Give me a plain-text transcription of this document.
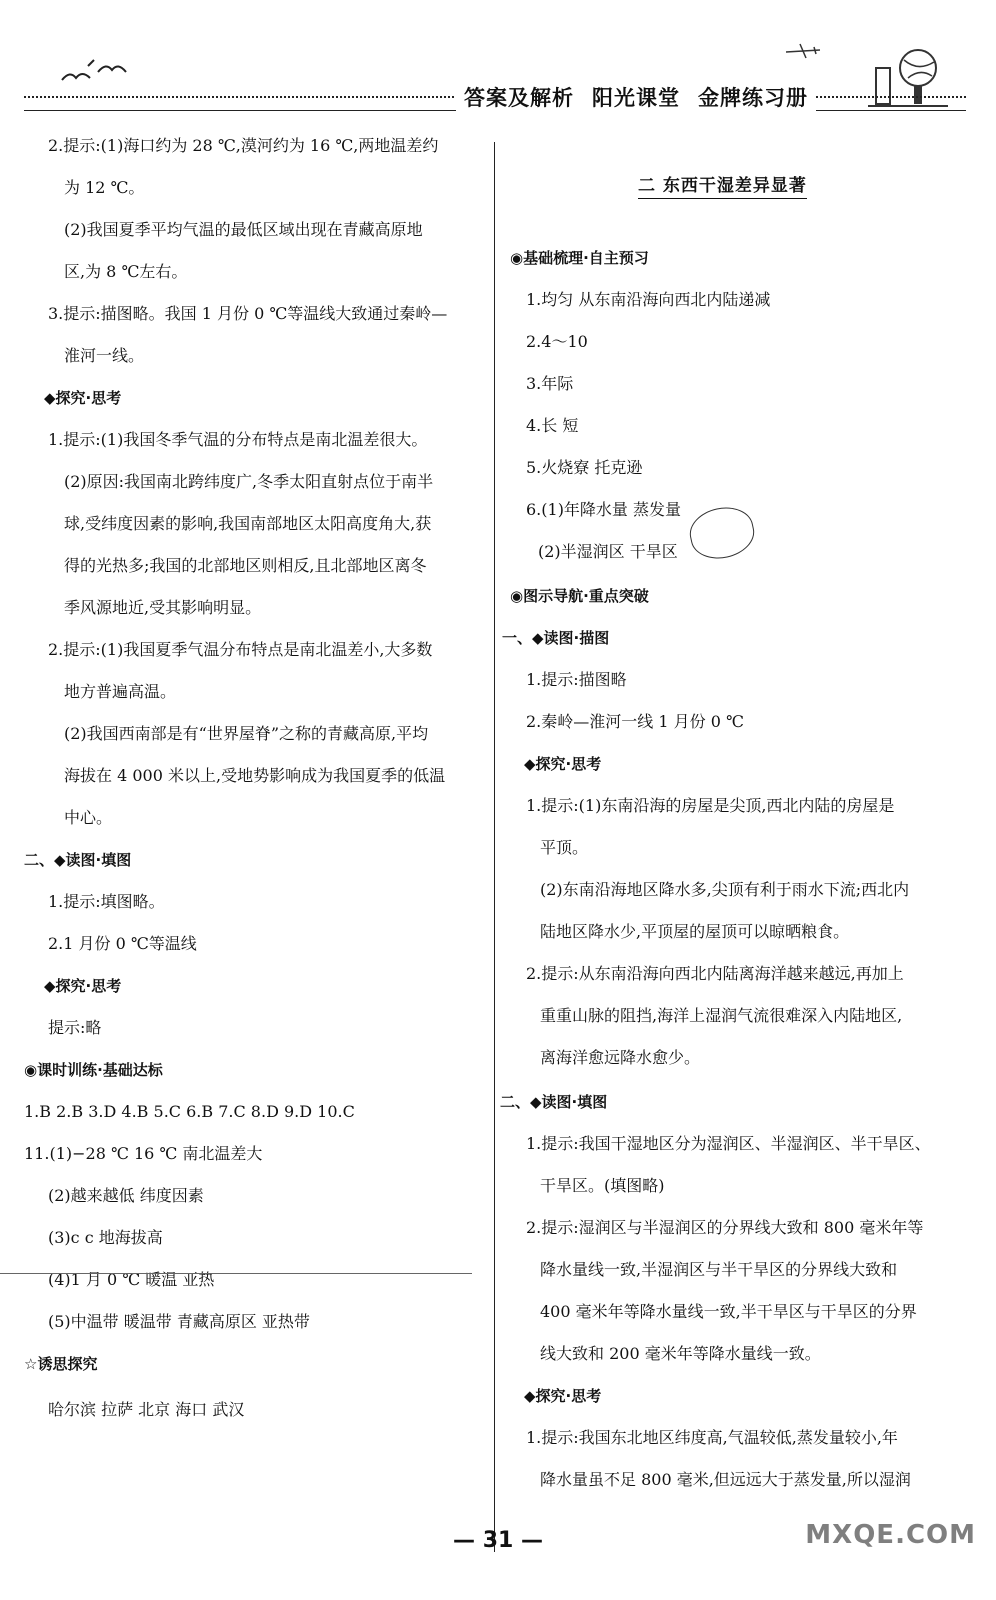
答案及解析 阳光课堂 金牌练习册
2.提示:(1)海口约为 28 ℃,漠河约为 16 ℃,两地温差约
为 12 ℃。
(2)我国夏季平均气温的最低区域出现在青藏高原地
区,为 8 ℃左右。
3.提示:描图略。我国 1 月份 0 ℃等温线大致通过秦岭—
淮河一线。
◆探究·思考
1.提示:(1)我国冬季气温的分布特点是南北温差很大。
(2)原因:我国南北跨纬度广,冬季太阳直射点位于南半
球,受纬度因素的影响,我国南部地区太阳高度角大,获
得的光热多;我国的北部地区则相反,且北部地区离冬
季风源地近,受其影响明显。
2.提示:(1)我国夏季气温分布特点是南北温差小,大多数
地方普遍高温。
(2)我国西南部是有“世界屋脊”之称的青藏高原,平均
海拔在 4 000 米以上,受地势影响成为我国夏季的低温
中心。
二、◆读图·填图
1.提示:填图略。
2.1 月份 0 ℃等温线
◆探究·思考
提示:略
◉课时训练·基础达标
1.B 2.B 3.D 4.B 5.C 6.B 7.C 8.D 9.D 10.C
11.(1)−28 ℃ 16 ℃ 南北温差大
(2)越来越低 纬度因素
(3)c c 地海拔高
(4)1 月 0 ℃ 暖温 亚热
(5)中温带 暖温带 青藏高原区 亚热带
☆诱思探究
哈尔滨 拉萨 北京 海口 武汉
二 东西干湿差异显著
◉基础梳理·自主预习
1.均匀 从东南沿海向西北内陆递减
2.4～10
3.年际
4.长 短
5.火烧寮 托克逊
6.(1)年降水量 蒸发量
(2)半湿润区 干旱区
◉图示导航·重点突破
一、◆读图·描图
1.提示:描图略
2.秦岭—淮河一线 1 月份 0 ℃
◆探究·思考
1.提示:(1)东南沿海的房屋是尖顶,西北内陆的房屋是
平顶。
(2)东南沿海地区降水多,尖顶有利于雨水下流;西北内
陆地区降水少,平顶屋的屋顶可以晾晒粮食。
2.提示:从东南沿海向西北内陆离海洋越来越远,再加上
重重山脉的阻挡,海洋上湿润气流很难深入内陆地区,
离海洋愈远降水愈少。
二、◆读图·填图
1.提示:我国干湿地区分为湿润区、半湿润区、半干旱区、
干旱区。(填图略)
2.提示:湿润区与半湿润区的分界线大致和 800 毫米年等
降水量线一致,半湿润区与半干旱区的分界线大致和
400 毫米年等降水量线一致,半干旱区与干旱区的分界
线大致和 200 毫米年等降水量线一致。
◆探究·思考
1.提示:我国东北地区纬度高,气温较低,蒸发量较小,年
降水量虽不足 800 毫米,但远远大于蒸发量,所以湿润
— 31 —	MXQE.COM
